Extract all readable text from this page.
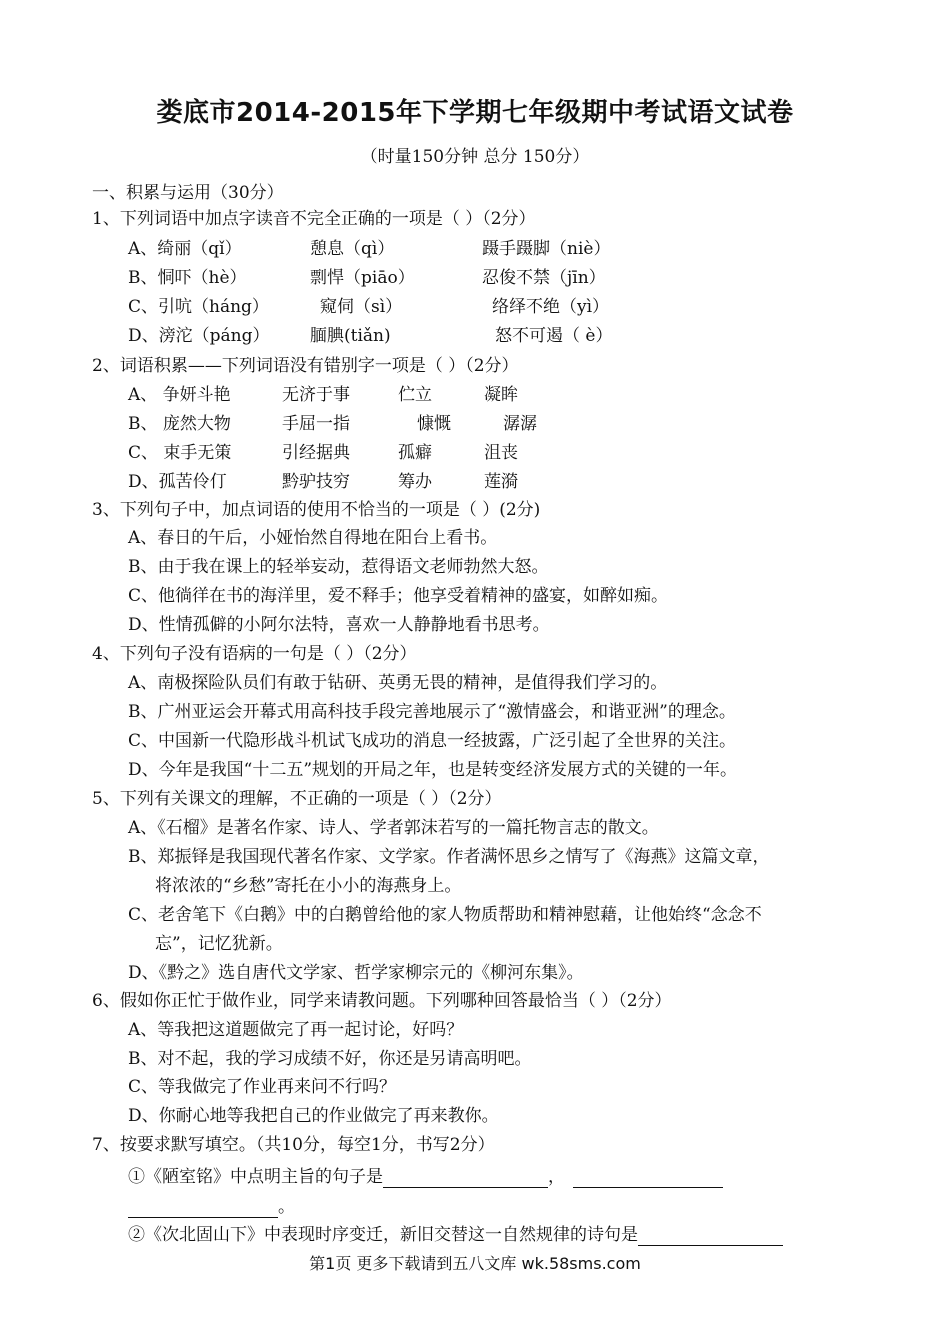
娄底市2014-2015年下学期七年级期中考试语文试卷
（时量150分钟 总分 150分）
一、积累与运用（30分）
1、下列词语中加点字读音不完全正确的一项是（ ）（2分）
A、绮丽（qǐ）	憩息（qì）	蹑手蹑脚（niè）
B、恫吓（hè）	剽悍（piāo）	忍俊不禁（jīn）
C、引吭（háng）	窥伺（sì）	络绎不绝（yì）
D、滂沱（páng） 腼腆(tiǎn)	怒不可遏（ è）
2、词语积累——下列词语没有错别字一项是（ ）（2分）
A、 争妍斗艳	无济于事	伫立	凝眸
B、 庞然大物	手屈一指	慷慨	潺潺
C、 束手无策	引经据典	孤癖	沮丧
D、孤苦伶仃	黔驴技穷	筹办	莲漪
3、下列句子中，加点词语的使用不恰当的一项是（ ）(2分)
A、春日的午后，小娅怡然自得地在阳台上看书。
B、由于我在课上的轻举妄动，惹得语文老师勃然大怒。
C、他徜徉在书的海洋里，爱不释手；他享受着精神的盛宴，如醉如痴。
D、性情孤僻的小阿尔法特，喜欢一人静静地看书思考。
4、下列句子没有语病的一句是（ ）（2分）
A、南极探险队员们有敢于钻研、英勇无畏的精神，是值得我们学习的。
B、广州亚运会开幕式用高科技手段完善地展示了“激情盛会，和谐亚洲”的理念。
C、中国新一代隐形战斗机试飞成功的消息一经披露，广泛引起了全世界的关注。
D、今年是我国“十二五”规划的开局之年，也是转变经济发展方式的关键的一年。
5、下列有关课文的理解，不正确的一项是（ ）（2分）
A、《石榴》是著名作家、诗人、学者郭沫若写的一篇托物言志的散文。
B、郑振铎是我国现代著名作家、文学家。作者满怀思乡之情写了《海燕》这篇文章，
将浓浓的“乡愁”寄托在小小的海燕身上。
C、老舍笔下《白鹅》中的白鹅曾给他的家人物质帮助和精神慰藉，让他始终“念念不
忘”，记忆犹新。
D、《黔之》选自唐代文学家、哲学家柳宗元的《柳河东集》。
6、假如你正忙于做作业，同学来请教问题。下列哪种回答最恰当（ ）（2分）
A、等我把这道题做完了再一起讨论，好吗？
B、对不起，我的学习成绩不好，你还是另请高明吧。
C、等我做完了作业再来问不行吗？
D、你耐心地等我把自己的作业做完了再来教你。
7、按要求默写填空。（共10分，每空1分，书写2分）
①《陋室铭》中点明主旨的句子是	，
。
②《次北固山下》中表现时序变迁，新旧交替这一自然规律的诗句是
第1页 更多下载请到五八文库 wk.58sms.com
